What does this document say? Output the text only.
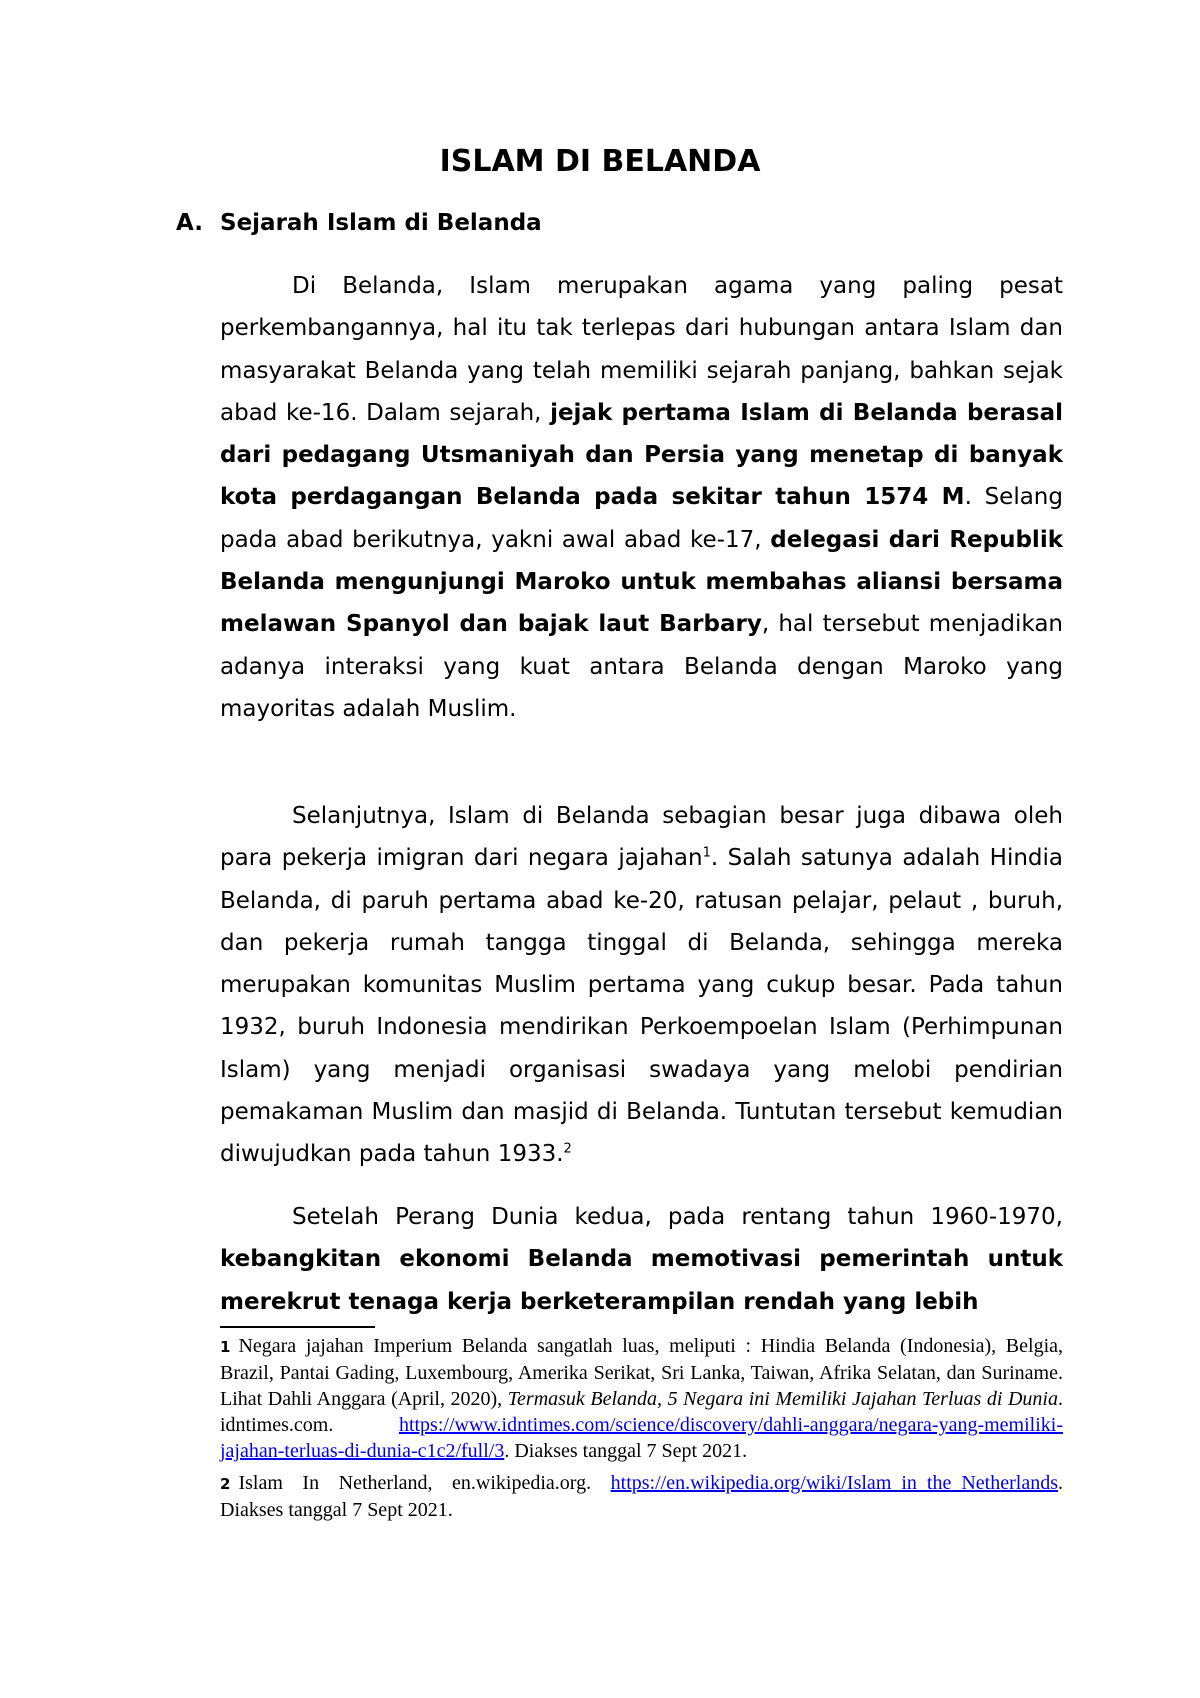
ISLAM DI BELANDA
A. Sejarah Islam di Belanda

Di Belanda, Islam merupakan agama yang paling pesat perkembangannya, hal itu tak terlepas dari hubungan antara Islam dan masyarakat Belanda yang telah memiliki sejarah panjang, bahkan sejak abad ke-16. Dalam sejarah, jejak pertama Islam di Belanda berasal dari pedagang Utsmaniyah dan Persia yang menetap di banyak kota perdagangan Belanda pada sekitar tahun 1574 M. Selang pada abad berikutnya, yakni awal abad ke-17, delegasi dari Republik Belanda mengunjungi Maroko untuk membahas aliansi bersama melawan Spanyol dan bajak laut Barbary, hal tersebut menjadikan adanya interaksi yang kuat antara Belanda dengan Maroko yang mayoritas adalah Muslim.

Selanjutnya, Islam di Belanda sebagian besar juga dibawa oleh para pekerja imigran dari negara jajahan$^1$. Salah satunya adalah Hindia Belanda, di paruh pertama abad ke-20, ratusan pelajar, pelaut , buruh, dan pekerja rumah tangga tinggal di Belanda, sehingga mereka merupakan komunitas Muslim pertama yang cukup besar. Pada tahun 1932, buruh Indonesia mendirikan Perkoempoelan Islam (Perhimpunan Islam) yang menjadi organisasi swadaya yang melobi pendirian pemakaman Muslim dan masjid di Belanda. Tuntutan tersebut kemudian diwujudkan pada tahun 1933.$^2$

Setelah Perang Dunia kedua, pada rentang tahun 1960-1970, kebangkitan ekonomi Belanda memotivasi pemerintah untuk merekrut tenaga kerja berketerampilan rendah yang lebih

1 Negara jajahan Imperium Belanda sangatlah luas, meliputi : Hindia Belanda (Indonesia), Belgia, Brazil, Pantai Gading, Luxembourg, Amerika Serikat, Sri Lanka, Taiwan, Afrika Selatan, dan Suriname. Lihat Dahli Anggara (April, 2020), Termasuk Belanda, 5 Negara ini Memiliki Jajahan Terluas di Dunia. idntimes.com. https://www.idntimes.com/science/discovery/dahli-anggara/negara-yang-memiliki-jajahan-terluas-di-dunia-c1c2/full/3. Diakses tanggal 7 Sept 2021.

2 Islam In Netherland, en.wikipedia.org. https://en.wikipedia.org/wiki/Islam_in_the_Netherlands. Diakses tanggal 7 Sept 2021.
